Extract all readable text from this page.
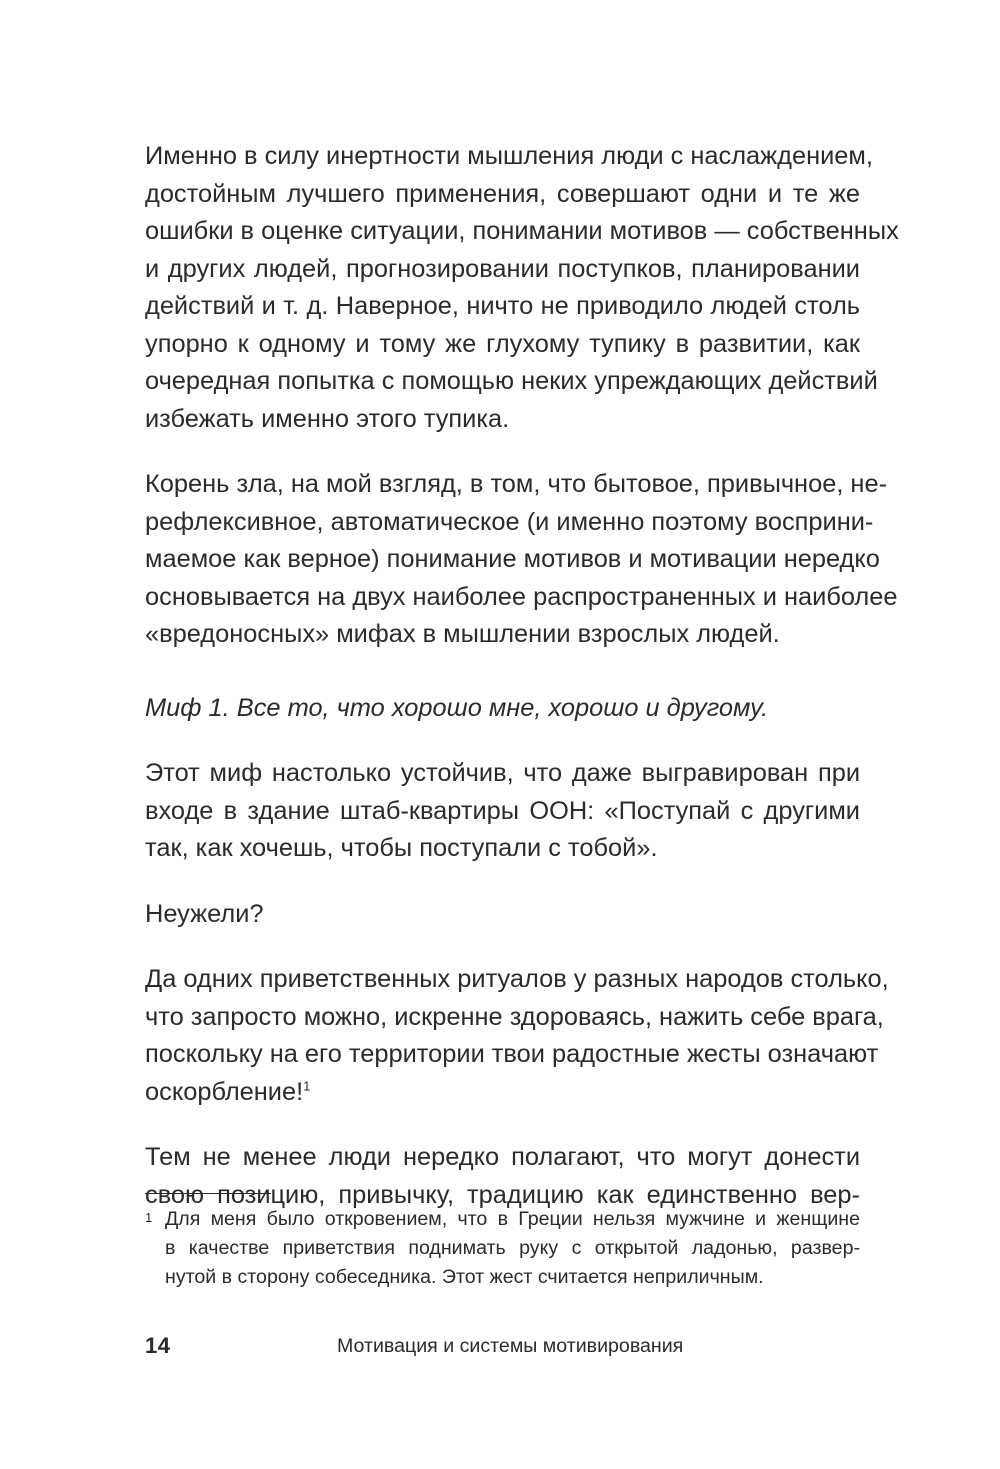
Именно в силу инертности мышления люди с наслаждением,
достойным лучшего применения, совершают одни и те же
ошибки в оценке ситуации, понимании мотивов — собственных
и других людей, прогнозировании поступков, планировании
действий и т. д. Наверное, ничто не приводило людей столь
упорно к одному и тому же глухому тупику в развитии, как
очередная попытка с помощью неких упреждающих действий
избежать именно этого тупика.

Корень зла, на мой взгляд, в том, что бытовое, привычное, не-
рефлексивное, автоматическое (и именно поэтому восприни-
маемое как верное) понимание мотивов и мотивации нередко
основывается на двух наиболее распространенных и наиболее
«вредоносных» мифах в мышлении взрослых людей.

Миф 1. Все то, что хорошо мне, хорошо и другому.

Этот миф настолько устойчив, что даже выгравирован при
входе в здание штаб-квартиры ООН: «Поступай с другими
так, как хочешь, чтобы поступали с тобой».

Неужели?

Да одних приветственных ритуалов у разных народов столько,
что запросто можно, искренне здороваясь, нажить себе врага,
поскольку на его территории твои радостные жесты означают
оскорбление!$^1$

Тем не менее люди нередко полагают, что могут донести
свою позицию, привычку, традицию как единственно вер-

1 Для меня было откровением, что в Греции нельзя мужчине и женщине
в качестве приветствия поднимать руку с открытой ладонью, развер-
нутой в сторону собеседника. Этот жест считается неприличным.
14	Мотивация и системы мотивирования
